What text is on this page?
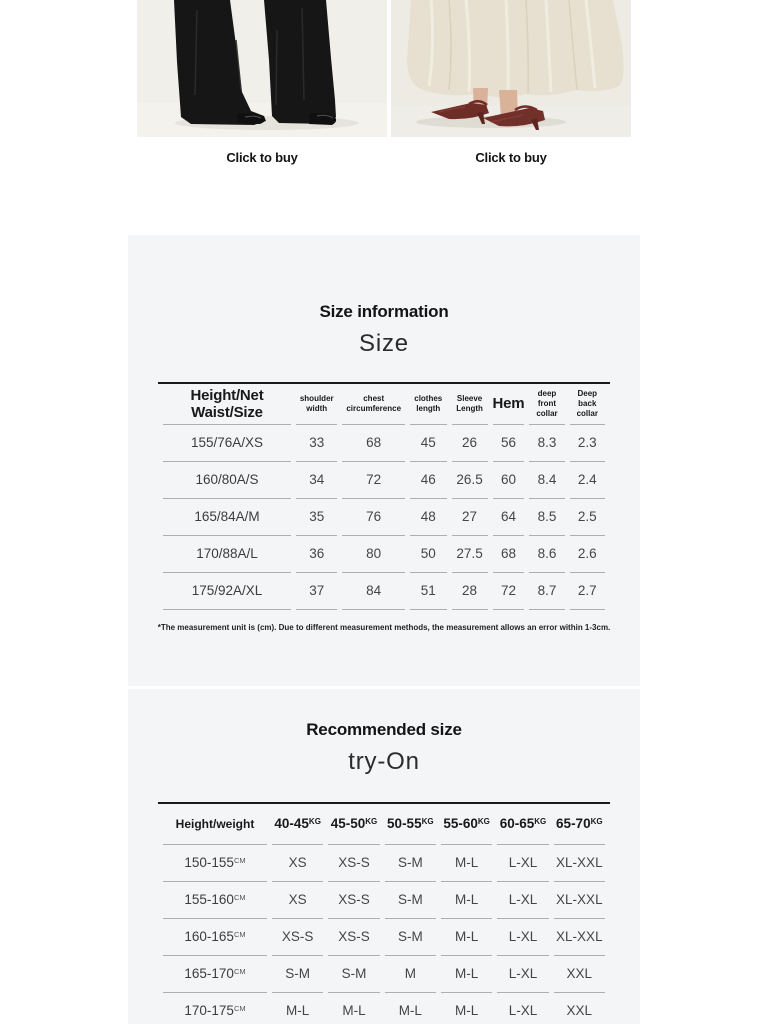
Click to buy	Click to buy
Size information
Size
Height/Net Waist/Size	shoulder width	chest circumference	clothes length	Sleeve Length	Hem	deep front collar	Deep back collar
155/76A/XS	33	68	45	26	56	8.3	2.3
160/80A/S	34	72	46	26.5	60	8.4	2.4
165/84A/M	35	76	48	27	64	8.5	2.5
170/88A/L	36	80	50	27.5	68	8.6	2.6
175/92A/XL	37	84	51	28	72	8.7	2.7

*The measurement unit is (cm). Due to different measurement methods, the measurement allows an error within 1-3cm.

Recommended size
try-On
Height/weight	$40-45^{KG}$	$45-50^{KG}$	$50-55^{KG}$	$55-60^{KG}$	$60-65^{KG}$	$65-70^{KG}$
$150-155^{CM}$	XS	XS-S	S-M	M-L	L-XL	XL-XXL
$155-160^{CM}$	XS	XS-S	S-M	M-L	L-XL	XL-XXL
$160-165^{CM}$	XS-S	XS-S	S-M	M-L	L-XL	XL-XXL
$165-170^{CM}$	S-M	S-M	M	M-L	L-XL	XXL
$170-175^{CM}$	M-L	M-L	M-L	M-L	L-XL	XXL
